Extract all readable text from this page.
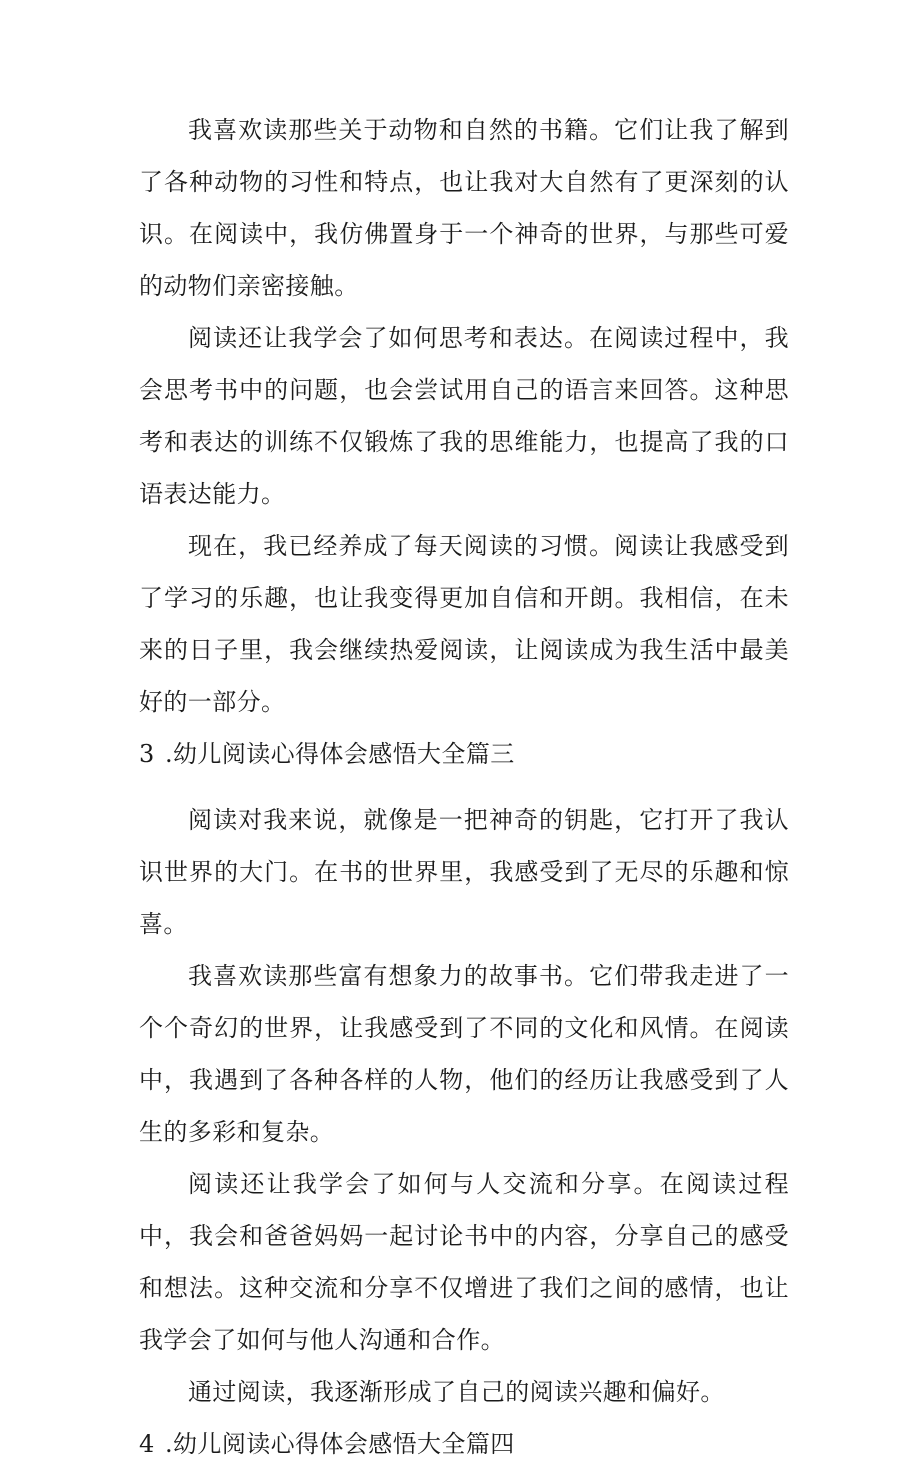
我喜欢读那些关于动物和自然的书籍。它们让我了解到了各种动物的习性和特点，也让我对大自然有了更深刻的认识。在阅读中，我仿佛置身于一个神奇的世界，与那些可爱的动物们亲密接触。

阅读还让我学会了如何思考和表达。在阅读过程中，我会思考书中的问题，也会尝试用自己的语言来回答。这种思考和表达的训练不仅锻炼了我的思维能力，也提高了我的口语表达能力。

现在，我已经养成了每天阅读的习惯。阅读让我感受到了学习的乐趣，也让我变得更加自信和开朗。我相信，在未来的日子里，我会继续热爱阅读，让阅读成为我生活中最美好的一部分。

3 .幼儿阅读心得体会感悟大全篇三

阅读对我来说，就像是一把神奇的钥匙，它打开了我认识世界的大门。在书的世界里，我感受到了无尽的乐趣和惊喜。

我喜欢读那些富有想象力的故事书。它们带我走进了一个个奇幻的世界，让我感受到了不同的文化和风情。在阅读中，我遇到了各种各样的人物，他们的经历让我感受到了人生的多彩和复杂。

阅读还让我学会了如何与人交流和分享。在阅读过程中，我会和爸爸妈妈一起讨论书中的内容，分享自己的感受和想法。这种交流和分享不仅增进了我们之间的感情，也让我学会了如何与他人沟通和合作。

通过阅读，我逐渐形成了自己的阅读兴趣和偏好。

4 .幼儿阅读心得体会感悟大全篇四
